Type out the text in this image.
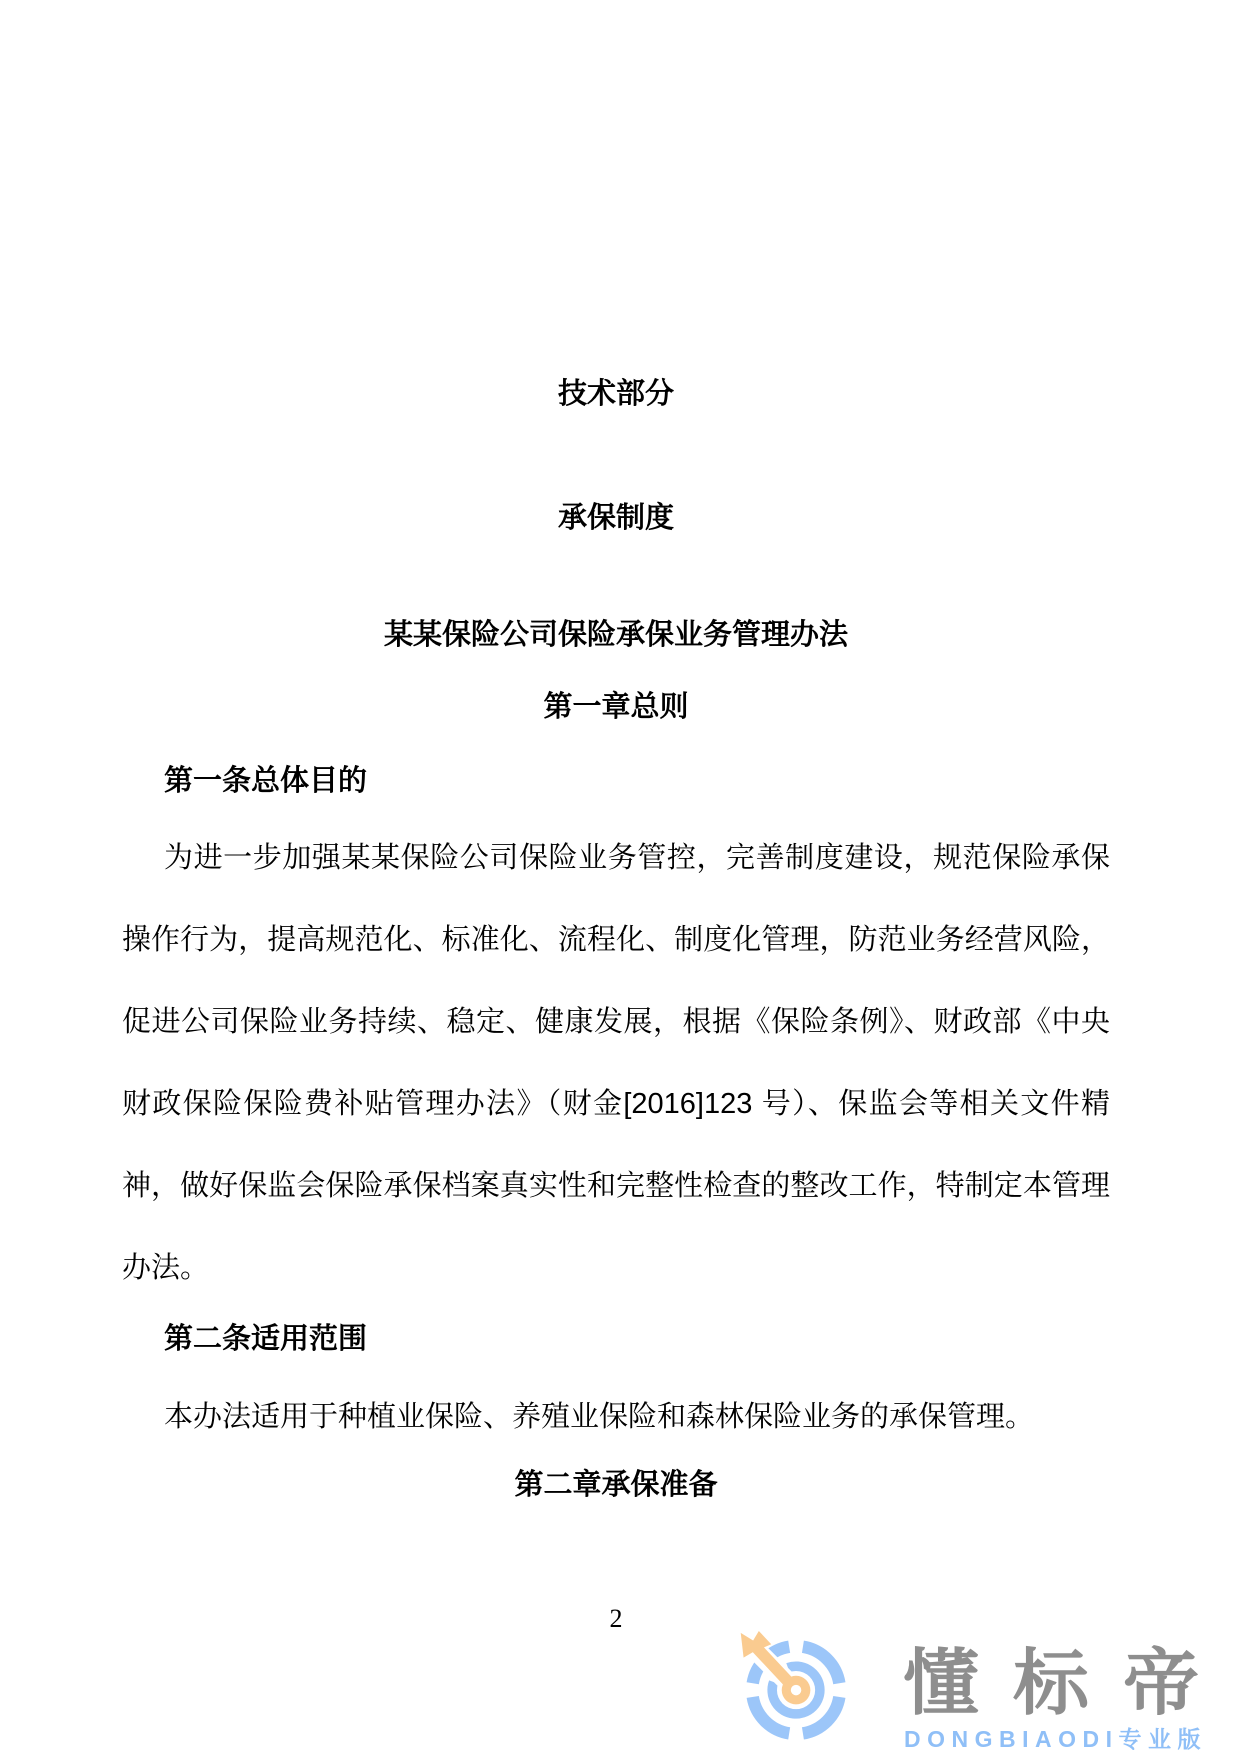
技术部分
承保制度
某某保险公司保险承保业务管理办法
第一章总则
第一条总体目的
为进一步加强某某保险公司保险业务管控，完善制度建设，规范保险承保
操作行为，提高规范化、标准化、流程化、制度化管理，防范业务经营风险，
促进公司保险业务持续、稳定、健康发展，根据《保险条例》、财政部《中央
财政保险保险费补贴管理办法》（财金[2016]123 号）、保监会等相关文件精
神，做好保监会保险承保档案真实性和完整性检查的整改工作，特制定本管理
办法。
第二条适用范围
本办法适用于种植业保险、养殖业保险和森林保险业务的承保管理。
第二章承保准备
2
懂标帝
DONGBIAODI专业版
